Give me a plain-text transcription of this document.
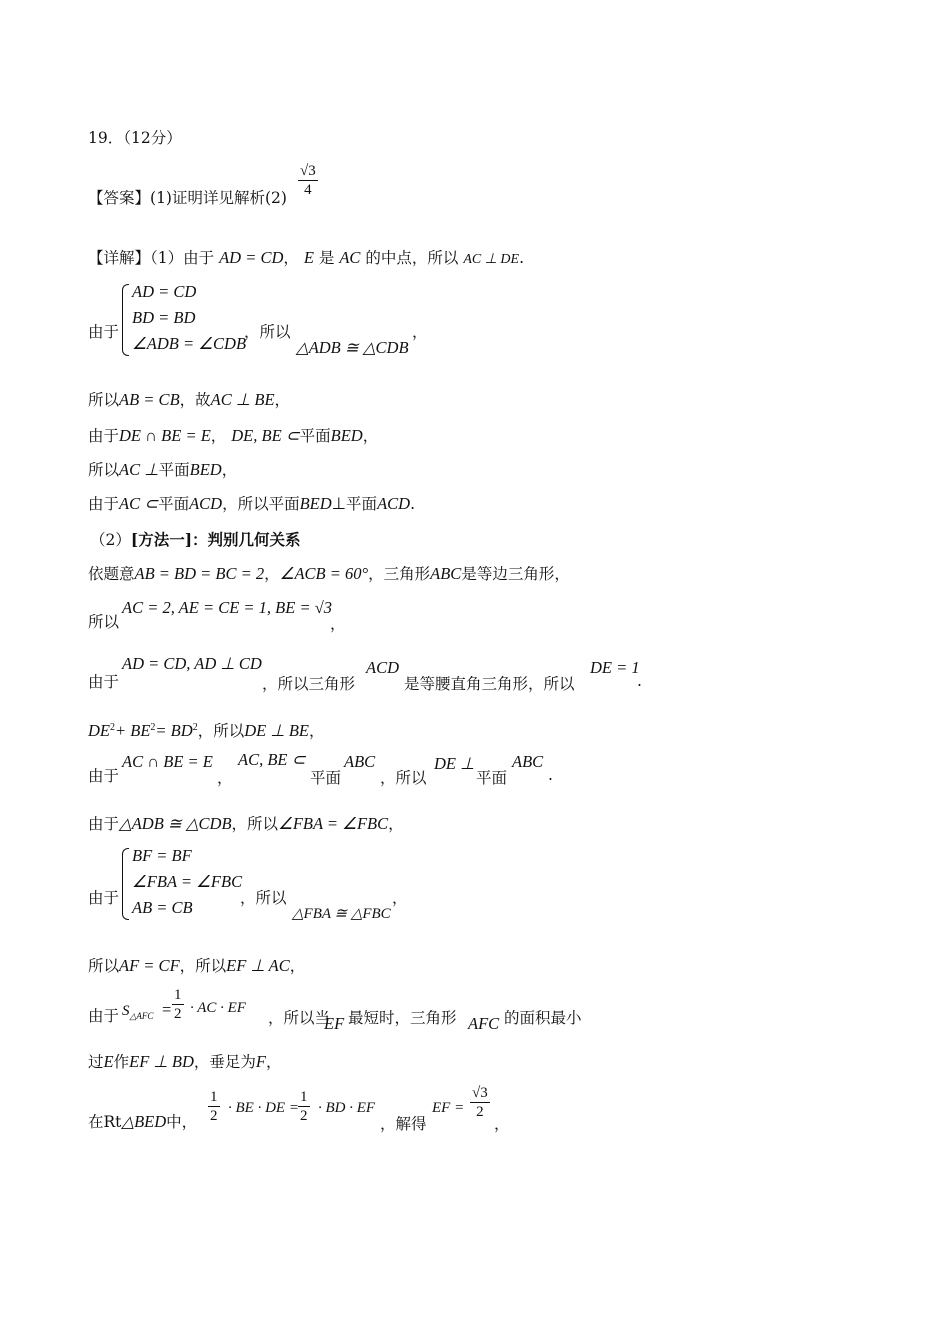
19．（12分）
【答案】(1)证明详见解析$(2) \frac{√3}{4}$
【详解】（1）由于 AD = CD， E 是 AC 的中点，所以 AC ⊥ DE.
由于
AD = CD
BD = BD
∠ADB = ∠CDB
，所以
△ADB ≅ △CDB
，
所以AB = CB，故AC ⊥ BE，
由于DE ∩ BE = E， DE, BE ⊂平面BED，
所以AC ⊥平面BED，
由于AC ⊂平面ACD，所以平面BED⊥平面ACD.
（2）[方法一]：判别几何关系
依题意AB = BD = BC = 2，∠ACB = 60°，三角形ABC是等边三角形，
所以
AC = 2, AE = CE = 1, BE = √3
，
由于
AD = CD, AD ⊥ CD
，所以三角形
ACD
是等腰直角三角形，所以
DE = 1
.
$DE^2+ BE^2= BD^2$，所以DE ⊥ BE，
由于
AC ∩ BE = E
，
AC, BE ⊂
平面
ABC
，所以
DE ⊥
平面
ABC
.
由于△ADB ≅ △CDB，所以∠FBA = ∠FBC，
由于
BF = BF
∠FBA = ∠FBC
AB = CB	，所以
△FBA ≅ △FBC
，
所以AF = CF，所以EF ⊥ AC，
由于 $S_{\triangle AFC} = \frac{1}{2}$ · AC · EF
，所以当
EF 最短时，三角形 AFC 的面积最小
过E作EF ⊥ BD，垂足为F，
在Rt△BED中， $\frac{1}{2}$ · BE · DE = $\frac{1}{2}$ · BD · EF
，解得
EF = $\frac{√3}{2}$
，
